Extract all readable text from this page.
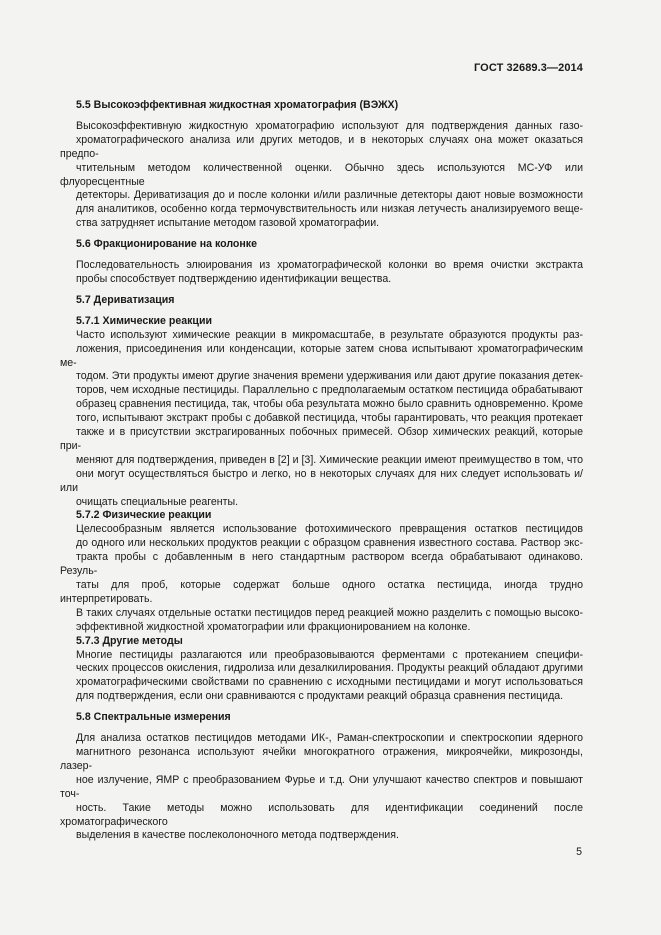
ГОСТ 32689.3—2014
5.5 Высокоэффективная жидкостная хроматография (ВЭЖХ)
Высокоэффективную жидкостную хроматографию используют для подтверждения данных газо-
хроматографического анализа или других методов, и в некоторых случаях она может оказаться предпо-
чтительным методом количественной оценки. Обычно здесь используются МС-УФ или флуоресцентные
детекторы. Дериватизация до и после колонки и/или различные детекторы дают новые возможности
для аналитиков, особенно когда термочувствительность или низкая летучесть анализируемого веще-
ства затрудняет испытание методом газовой хроматографии.
5.6 Фракционирование на колонке
Последовательность элюирования из хроматографической колонки во время очистки экстракта
пробы способствует подтверждению идентификации вещества.
5.7 Дериватизация
5.7.1 Химические реакции
Часто используют химические реакции в микромасштабе, в результате образуются продукты раз-
ложения, присоединения или конденсации, которые затем снова испытывают хроматографическим ме-
тодом. Эти продукты имеют другие значения времени удерживания или дают другие показания детек-
торов, чем исходные пестициды. Параллельно с предполагаемым остатком пестицида обрабатывают
образец сравнения пестицида, так, чтобы оба результата можно было сравнить одновременно. Кроме
того, испытывают экстракт пробы с добавкой пестицида, чтобы гарантировать, что реакция протекает
также и в присутствии экстрагированных побочных примесей. Обзор химических реакций, которые при-
меняют для подтверждения, приведен в [2] и [3]. Химические реакции имеют преимущество в том, что
они могут осуществляться быстро и легко, но в некоторых случаях для них следует использовать и/или
очищать специальные реагенты.
5.7.2 Физические реакции
Целесообразным является использование фотохимического превращения остатков пестицидов
до одного или нескольких продуктов реакции с образцом сравнения известного состава. Раствор экс-
тракта пробы с добавленным в него стандартным раствором всегда обрабатывают одинаково. Резуль-
таты для проб, которые содержат больше одного остатка пестицида, иногда трудно интерпретировать.
В таких случаях отдельные остатки пестицидов перед реакцией можно разделить с помощью высоко-
эффективной жидкостной хроматографии или фракционированием на колонке.
5.7.3 Другие методы
Многие пестициды разлагаются или преобразовываются ферментами с протеканием специфи-
ческих процессов окисления, гидролиза или дезалкилирования. Продукты реакций обладают другими
хроматографическими свойствами по сравнению с исходными пестицидами и могут использоваться
для подтверждения, если они сравниваются с продуктами реакций образца сравнения пестицида.
5.8 Спектральные измерения
Для анализа остатков пестицидов методами ИК-, Раман-спектроскопии и спектроскопии ядерного
магнитного резонанса используют ячейки многократного отражения, микроячейки, микрозонды, лазер-
ное излучение, ЯМР с преобразованием Фурье и т.д. Они улучшают качество спектров и повышают точ-
ность. Такие методы можно использовать для идентификации соединений после хроматографического
выделения в качестве послеколоночного метода подтверждения.
5
